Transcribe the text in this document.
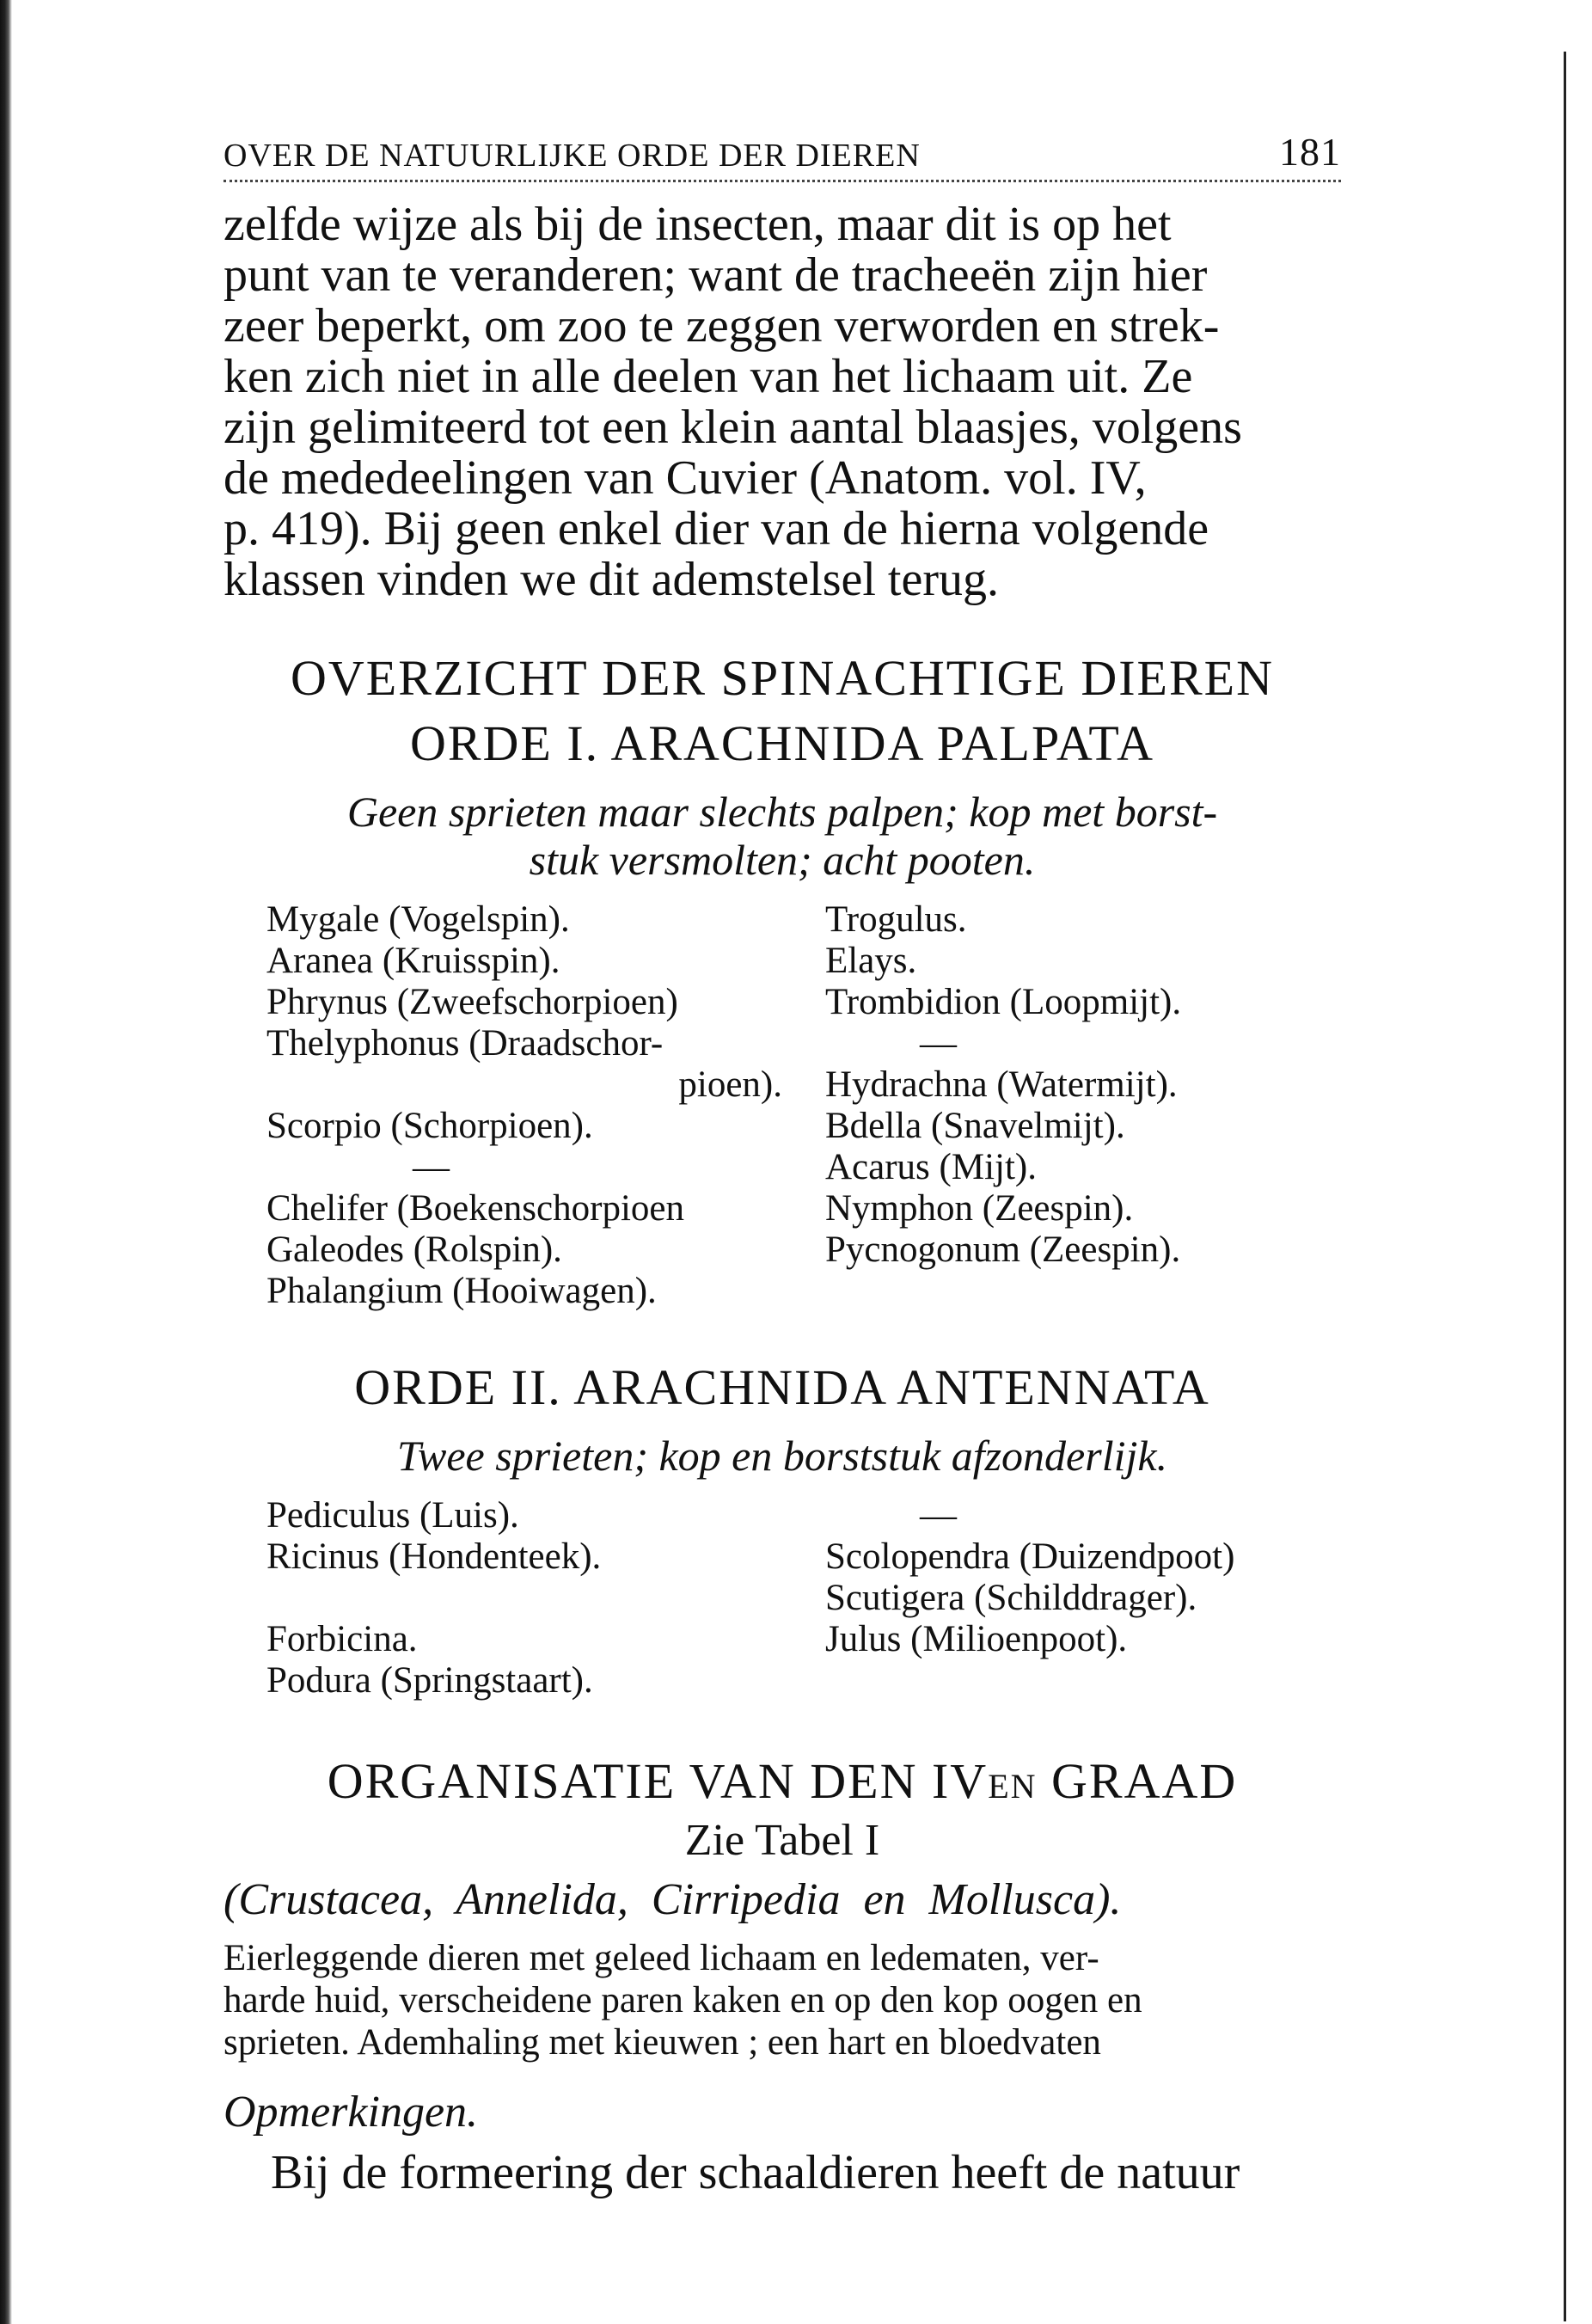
OVER DE NATUURLIJKE ORDE DER DIEREN	181

zelfde wijze als bij de insecten, maar dit is op het

punt van te veranderen; want de tracheeën zijn hier

zeer beperkt, om zoo te zeggen verworden en strek-

ken zich niet in alle deelen van het lichaam uit. Ze

zijn gelimiteerd tot een klein aantal blaasjes, volgens

de mededeelingen van Cuvier (Anatom. vol. IV,

p. 419). Bij geen enkel dier van de hierna volgende

klassen vinden we dit ademstelsel terug.

OVERZICHT DER SPINACHTIGE DIEREN
ORDE I. ARACHNIDA PALPATA
Geen sprieten maar slechts palpen; kop met borst-
stuk versmolten; acht pooten.
Mygale (Vogelspin).
Aranea (Kruisspin).
Phrynus (Zweefschorpioen)
Thelyphonus (Draadschor-
pioen).
Scorpio (Schorpioen).
—
Chelifer (Boekenschorpioen
Galeodes (Rolspin).
Phalangium (Hooiwagen).
Trogulus.
Elays.
Trombidion (Loopmijt).
—
Hydrachna (Watermijt).
Bdella (Snavelmijt).
Acarus (Mijt).
Nymphon (Zeespin).
Pycnogonum (Zeespin).
ORDE II. ARACHNIDA ANTENNATA
Twee sprieten; kop en borststuk afzonderlijk.
Pediculus (Luis).
Ricinus (Hondenteek).

Forbicina.
Podura (Springstaart).
—
Scolopendra (Duizendpoot)
Scutigera (Schilddrager).
Julus (Milioenpoot).
ORGANISATIE VAN DEN IVEN GRAAD
Zie Tabel I
(Crustacea, Annelida, Cirripedia en Mollusca).
Eierleggende dieren met geleed lichaam en ledematen, ver-
harde huid, verscheidene paren kaken en op den kop oogen en
sprieten. Ademhaling met kieuwen ; een hart en bloedvaten
Opmerkingen.
Bij de formeering der schaaldieren heeft de natuur
